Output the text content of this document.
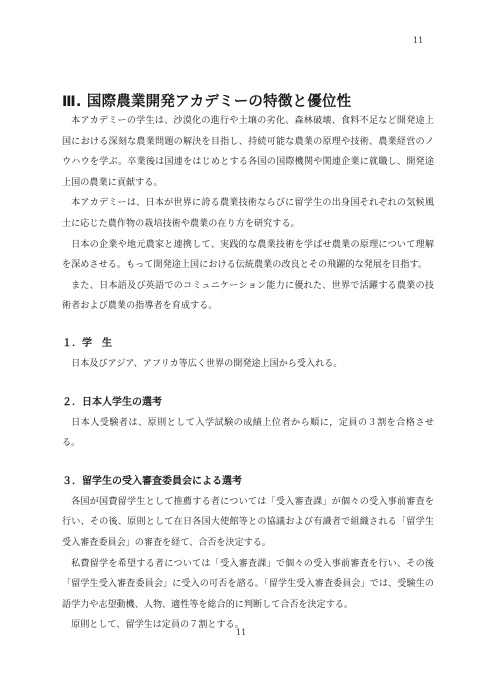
11
Ⅲ. 国際農業開発アカデミーの特徴と優位性

本アカデミーの学生は、沙漠化の進行や土壌の劣化、森林破壊、食料不足など開発途上国における深刻な農業問題の解決を目指し、持続可能な農業の原理や技術、農業経営のノウハウを学ぶ。卒業後は国連をはじめとする各国の国際機関や関連企業に就職し、開発途上国の農業に貢献する。

本アカデミーは、日本が世界に誇る農業技術ならびに留学生の出身国それぞれの気候風土に応じた農作物の栽培技術や農業の在り方を研究する。

日本の企業や地元農家と連携して、実践的な農業技術を学ばせ農業の原理について理解を深めさせる。もって開発途上国における伝統農業の改良とその飛躍的な発展を目指す。

また、日本語及び英語でのコミュニケーション能力に優れた、世界で活躍する農業の技術者および農業の指導者を育成する。

１．学　生

日本及びアジア、アフリカ等広く世界の開発途上国から受入れる。

２．日本人学生の選考

日本人受験者は、原則として入学試験の成績上位者から順に，定員の３割を合格させる。

３．留学生の受入審査委員会による選考

各国が国費留学生として推薦する者については「受入審査課」が個々の受入事前審査を行い、その後、原則として在日各国大使館等との協議および有識者で組織される「留学生受入審査委員会」の審査を経て、合否を決定する。

私費留学を希望する者については「受入審査課」で個々の受入事前審査を行い、その後「留学生受入審査委員会」に受入の可否を諮る。「留学生受入審査委員会」では、受験生の語学力や志望動機、人物、適性等を総合的に判断して合否を決定する。

原則として、留学生は定員の７割とする。

11
